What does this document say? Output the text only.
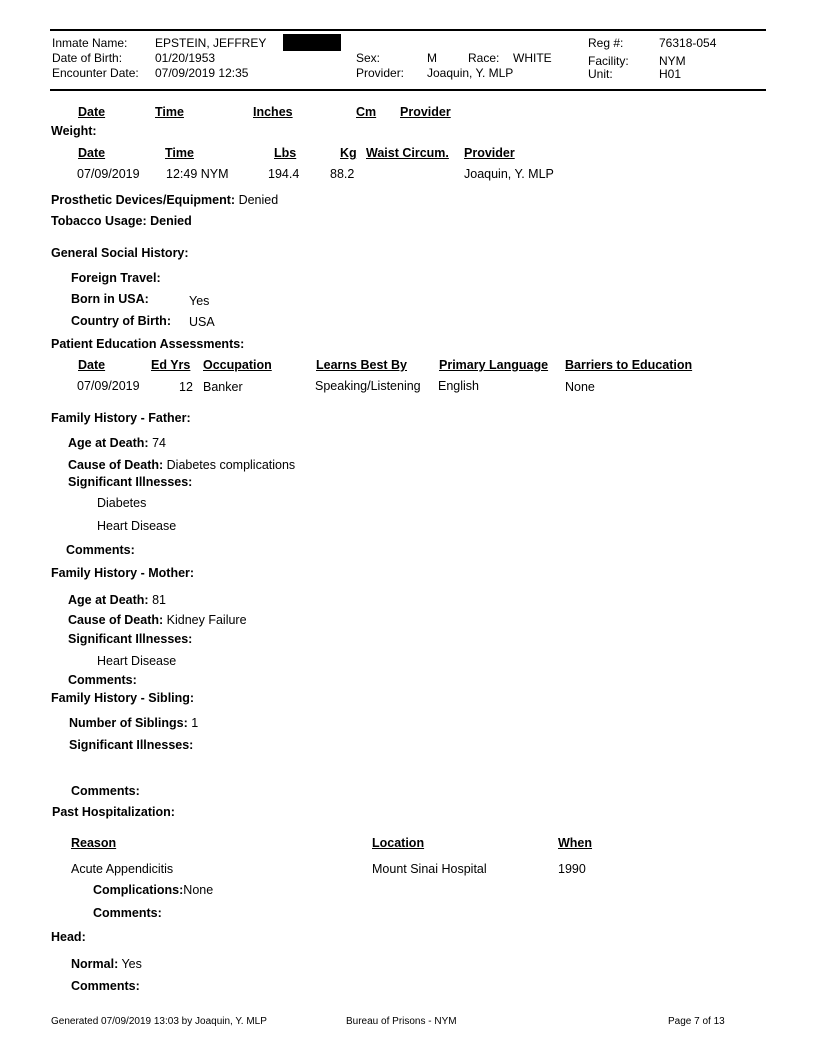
Inmate Name: EPSTEIN, JEFFREY
Date of Birth:	01/20/1953
Encounter Date: 07/09/2019 12:35
Sex:	M	Race: WHITE
Provider: Joaquin, Y. MLP
Reg #:	76318-054
Facility:	NYM
Unit:	H01
Date	Time	Inches	Cm Provider
Weight:
Date	Time	Lbs	Kg Waist Circum. Provider
07/09/2019 12:49 NYM	194.4 88.2	Joaquin, Y. MLP
Prosthetic Devices/Equipment: Denied
Tobacco Usage: Denied
General Social History:
Foreign Travel:
Born in USA:	Yes
Country of Birth: USA
Patient Education Assessments:
Date	Ed Yrs Occupation	Learns Best By	Primary Language Barriers to Education
07/09/2019	12 Banker	Speaking/Listening English	None
Family History - Father:
Age at Death: 74
Cause of Death: Diabetes complications
Significant Illnesses:
Diabetes
Heart Disease
Comments:
Family History - Mother:
Age at Death: 81
Cause of Death: Kidney Failure
Significant Illnesses:
Heart Disease
Comments:
Family History - Sibling:
Number of Siblings: 1
Significant Illnesses:
Comments:
Past Hospitalization:
Reason	Location	When
Acute Appendicitis	Mount Sinai Hospital	1990
Complications:None
Comments:
Head:
Normal: Yes
Comments:
Generated 07/09/2019 13:03 by Joaquin, Y. MLP	Bureau of Prisons - NYM	Page 7 of 13
